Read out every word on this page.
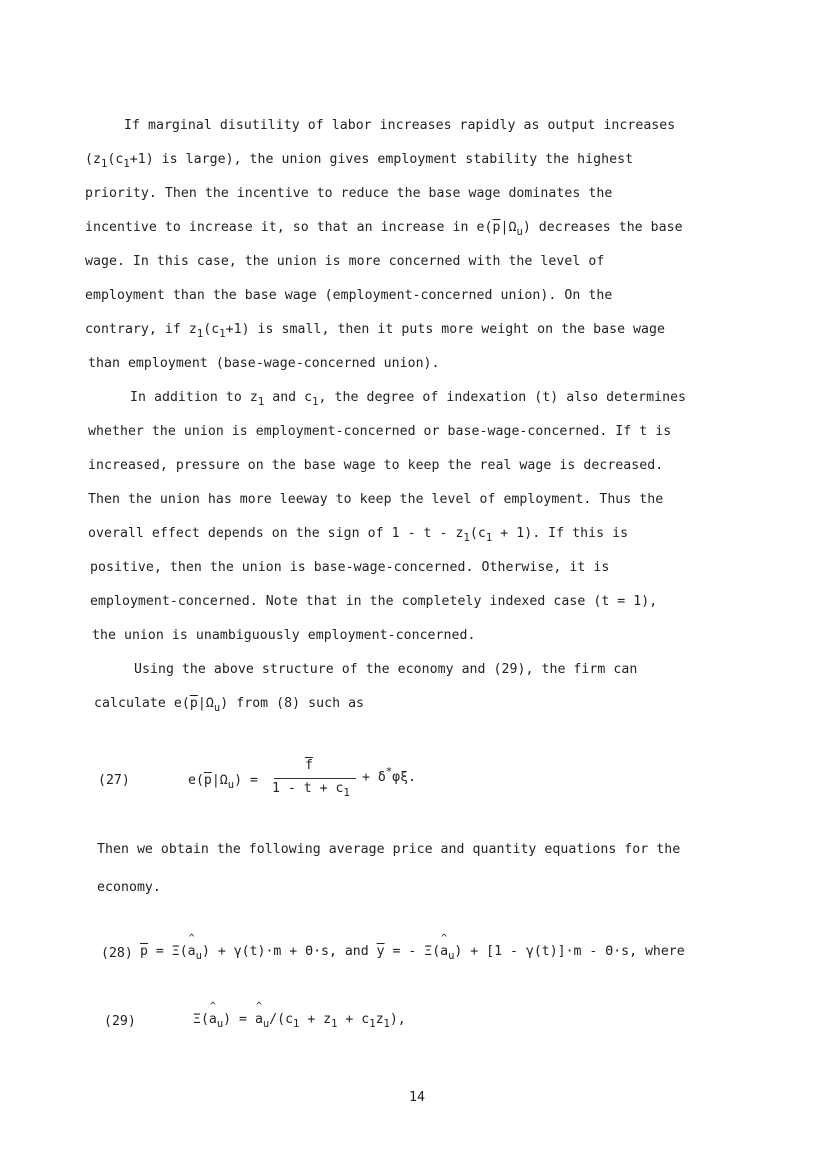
If marginal disutility of labor increases rapidly as output increases
($z_1(c_1+1)$ is large), the union gives employment stability the highest
priority. Then the incentive to reduce the base wage dominates the
incentive to increase it, so that an increase in $e(\overline{p}|\Omega_u)$ decreases the base
wage. In this case, the union is more concerned with the level of
employment than the base wage (employment-concerned union). On the
contrary, if $z_1(c_1+1)$ is small, then it puts more weight on the base wage
than employment (base-wage-concerned union).
In addition to $z_1$ and $c_1$, the degree of indexation (t) also determines
whether the union is employment-concerned or base-wage-concerned. If t is
increased, pressure on the base wage to keep the real wage is decreased.
Then the union has more leeway to keep the level of employment. Thus the
overall effect depends on the sign of $1 - t - z_1(c_1 + 1)$. If this is
positive, then the union is base-wage-concerned. Otherwise, it is
employment-concerned. Note that in the completely indexed case (t = 1),
the union is unambiguously employment-concerned.
Using the above structure of the economy and (29), the firm can
calculate $e(\overline{p}|\Omega_u)$ from (8) such as
(27)	$e(\overline{p}|\Omega_u)$ =
$\overline{f}$
$1 - t + c_1$
+ δ*φξ.
Then we obtain the following average price and quantity equations for the
economy.
(28) $\overline{p}$ = Ξ(^ $a_u) + \gamma(t)\cdot m + \Theta\cdot s$, and $\overline{y}$ = - Ξ(^ $a_u) + [1 - \gamma(t)]\cdot m - \Theta\cdot s$, where
(29)	Ξ(^ $a_u$) = ^ $a_u/(c_1 + z_1 + c_1z_1)$,
14
